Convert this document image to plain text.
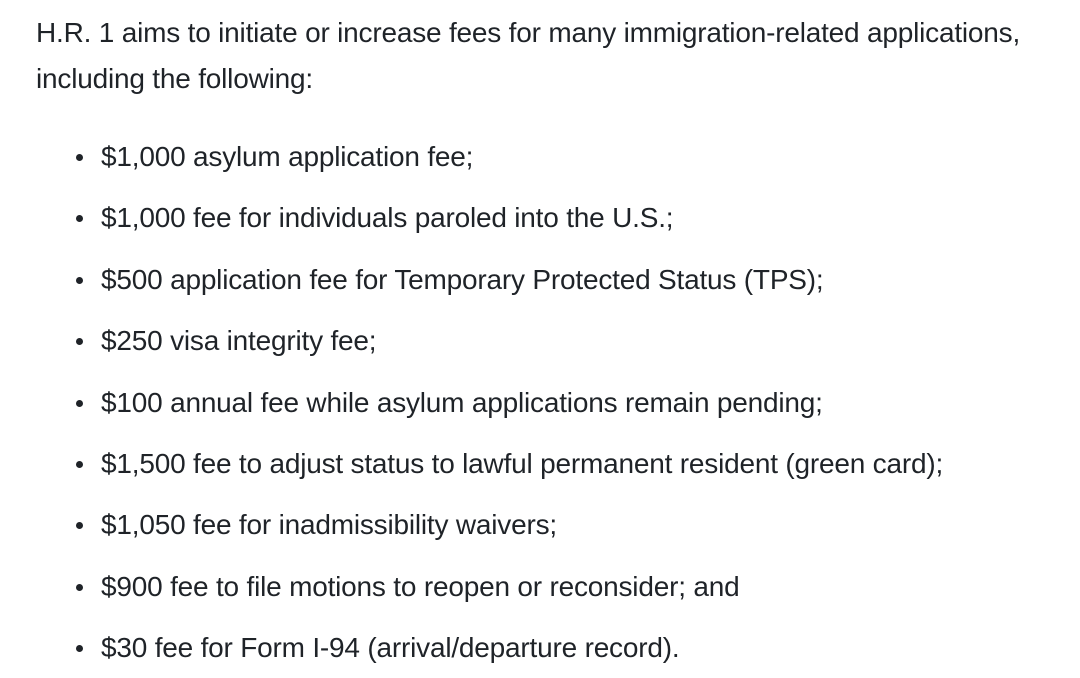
H.R. 1 aims to initiate or increase fees for many immigration-related applications, including the following:

$1,000 asylum application fee;
$1,000 fee for individuals paroled into the U.S.;
$500 application fee for Temporary Protected Status (TPS);
$250 visa integrity fee;
$100 annual fee while asylum applications remain pending;
$1,500 fee to adjust status to lawful permanent resident (green card);
$1,050 fee for inadmissibility waivers;
$900 fee to file motions to reopen or reconsider; and
$30 fee for Form I-94 (arrival/departure record).
